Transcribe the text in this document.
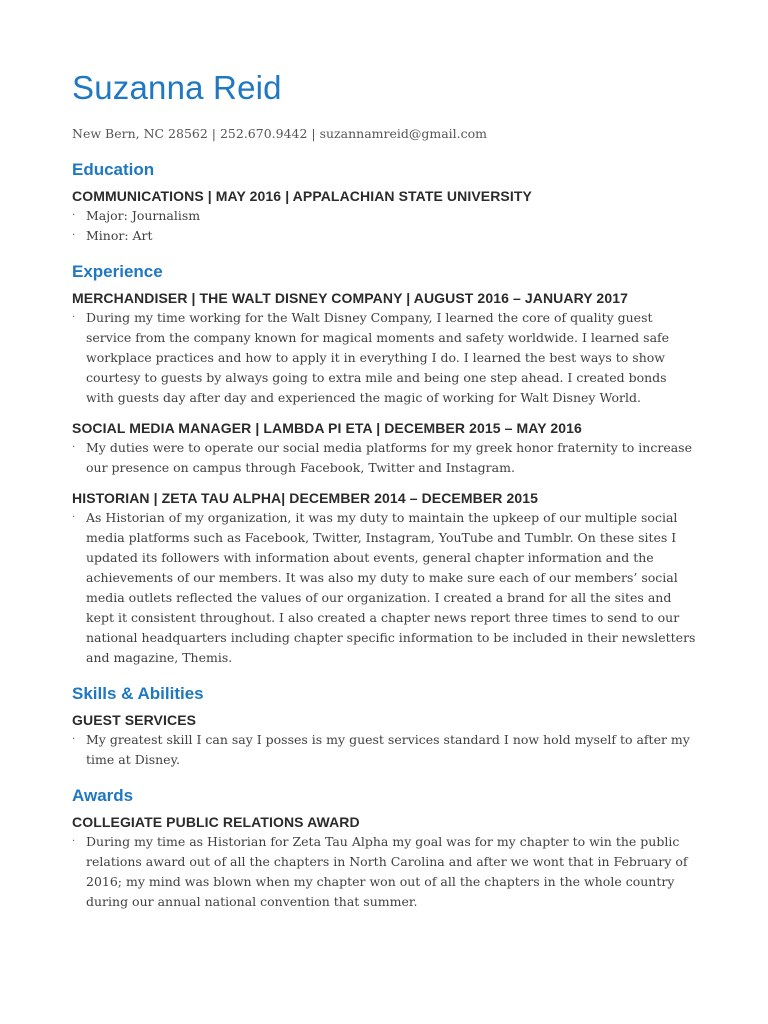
Suzanna Reid
New Bern, NC 28562 | 252.670.9442 | suzannamreid@gmail.com
Education
COMMUNICATIONS | MAY 2016 | APPALACHIAN STATE UNIVERSITY
· Major: Journalism
· Minor: Art
Experience
MERCHANDISER | THE WALT DISNEY COMPANY | AUGUST 2016 – JANUARY 2017
· During my time working for the Walt Disney Company, I learned the core of quality guest service from the company known for magical moments and safety worldwide. I learned safe workplace practices and how to apply it in everything I do. I learned the best ways to show courtesy to guests by always going to extra mile and being one step ahead. I created bonds with guests day after day and experienced the magic of working for Walt Disney World.
SOCIAL MEDIA MANAGER | LAMBDA PI ETA | DECEMBER 2015 – MAY 2016
· My duties were to operate our social media platforms for my greek honor fraternity to increase our presence on campus through Facebook, Twitter and Instagram.
HISTORIAN | ZETA TAU ALPHA| DECEMBER 2014 – DECEMBER 2015
· As Historian of my organization, it was my duty to maintain the upkeep of our multiple social media platforms such as Facebook, Twitter, Instagram, YouTube and Tumblr. On these sites I updated its followers with information about events, general chapter information and the achievements of our members. It was also my duty to make sure each of our members’ social media outlets reflected the values of our organization. I created a brand for all the sites and kept it consistent throughout. I also created a chapter news report three times to send to our national headquarters including chapter specific information to be included in their newsletters and magazine, Themis.
Skills & Abilities
GUEST SERVICES
· My greatest skill I can say I posses is my guest services standard I now hold myself to after my time at Disney.
Awards
COLLEGIATE PUBLIC RELATIONS AWARD
· During my time as Historian for Zeta Tau Alpha my goal was for my chapter to win the public relations award out of all the chapters in North Carolina and after we wont that in February of 2016; my mind was blown when my chapter won out of all the chapters in the whole country during our annual national convention that summer.
